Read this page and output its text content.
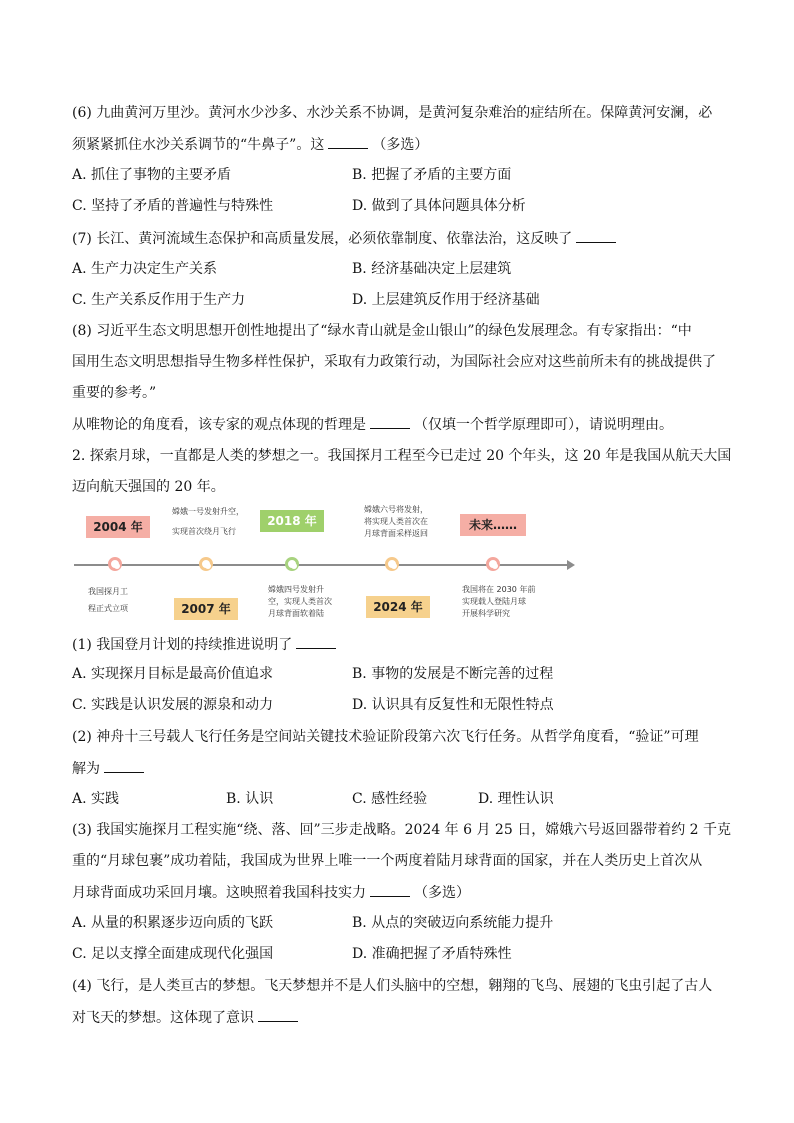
(6) 九曲黄河万里沙。黄河水少沙多、水沙关系不协调，是黄河复杂难治的症结所在。保障黄河安澜，必
须紧紧抓住水沙关系调节的“牛鼻子”。这	（多选）
A. 抓住了事物的主要矛盾	B. 把握了矛盾的主要方面
C. 坚持了矛盾的普遍性与特殊性	D. 做到了具体问题具体分析
(7) 长江、黄河流域生态保护和高质量发展，必须依靠制度、依靠法治，这反映了
A. 生产力决定生产关系	B. 经济基础决定上层建筑
C. 生产关系反作用于生产力	D. 上层建筑反作用于经济基础
(8) 习近平生态文明思想开创性地提出了“绿水青山就是金山银山”的绿色发展理念。有专家指出：“中
国用生态文明思想指导生物多样性保护，采取有力政策行动，为国际社会应对这些前所未有的挑战提供了
重要的参考。”
从唯物论的角度看，该专家的观点体现的哲理是	（仅填一个哲学原理即可），请说明理由。
2. 探索月球，一直都是人类的梦想之一。我国探月工程至今已走过 20 个年头，这 20 年是我国从航天大国
迈向航天强国的 20 年。
2004 年
2007 年
2018 年
2024 年
未来……
我国探月工
程正式立项
嫦娥一号发射升空，
实现首次绕月飞行
嫦娥四号发射升
空，实现人类首次
月球背面软着陆
嫦娥六号将发射，
将实现人类首次在
月球背面采样返回
我国将在 2030 年前
实现载人登陆月球
开展科学研究
(1) 我国登月计划的持续推进说明了
A. 实现探月目标是最高价值追求	B. 事物的发展是不断完善的过程
C. 实践是认识发展的源泉和动力	D. 认识具有反复性和无限性特点
(2) 神舟十三号载人飞行任务是空间站关键技术验证阶段第六次飞行任务。从哲学角度看，“验证”可理
解为
A. 实践	B. 认识	C. 感性经验	D. 理性认识
(3) 我国实施探月工程实施“绕、落、回”三步走战略。2024 年 6 月 25 日，嫦娥六号返回器带着约 2 千克
重的“月球包裹”成功着陆，我国成为世界上唯一一个两度着陆月球背面的国家，并在人类历史上首次从
月球背面成功采回月壤。这映照着我国科技实力	（多选）
A. 从量的积累逐步迈向质的飞跃	B. 从点的突破迈向系统能力提升
C. 足以支撑全面建成现代化强国	D. 准确把握了矛盾特殊性
(4) 飞行，是人类亘古的梦想。飞天梦想并不是人们头脑中的空想，翱翔的飞鸟、展翅的飞虫引起了古人
对飞天的梦想。这体现了意识
